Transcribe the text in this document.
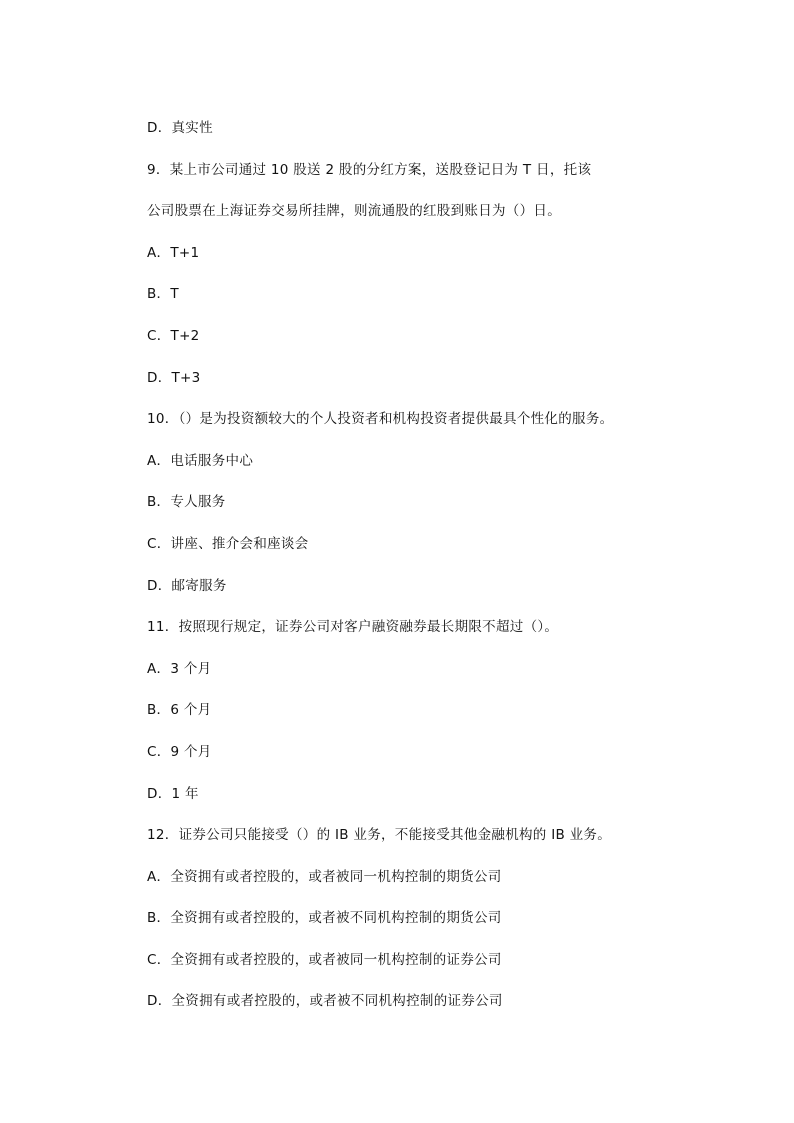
D．真实性
9．某上市公司通过 10 股送 2 股的分红方案，送股登记日为 T 日，托该
公司股票在上海证券交易所挂牌，则流通股的红股到账日为（）日。
A．T+1
B．T
C．T+2
D．T+3
10．（）是为投资额较大的个人投资者和机构投资者提供最具个性化的服务。
A．电话服务中心
B．专人服务
C．讲座、推介会和座谈会
D．邮寄服务
11．按照现行规定，证券公司对客户融资融券最长期限不超过（）。
A．3 个月
B．6 个月
C．9 个月
D．1 年
12．证券公司只能接受（）的 IB 业务，不能接受其他金融机构的 IB 业务。
A．全资拥有或者控股的，或者被同一机构控制的期货公司
B．全资拥有或者控股的，或者被不同机构控制的期货公司
C．全资拥有或者控股的，或者被同一机构控制的证券公司
D．全资拥有或者控股的，或者被不同机构控制的证券公司
